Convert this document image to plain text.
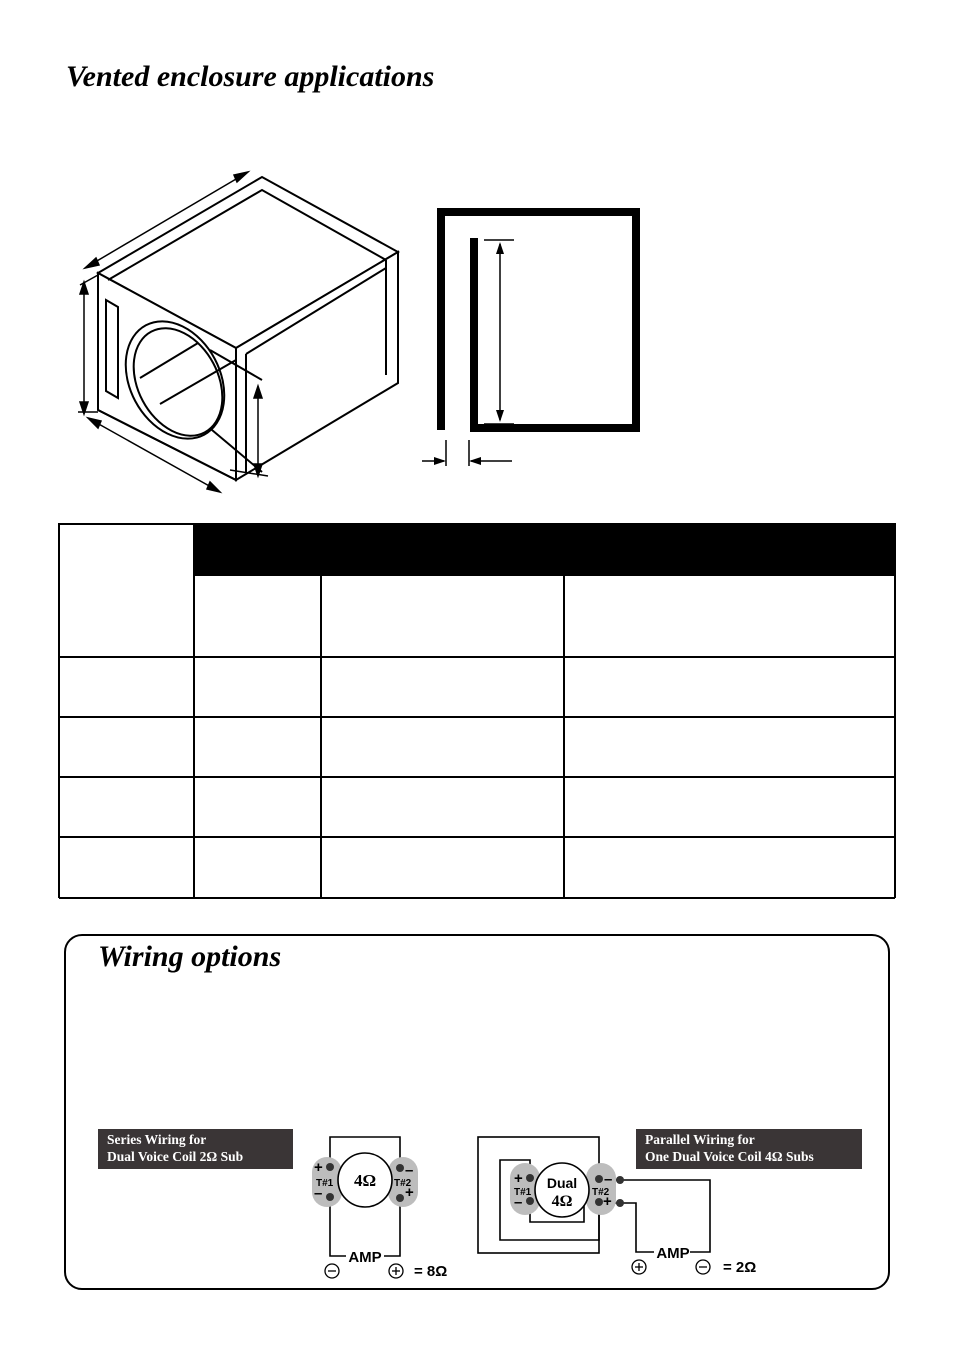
Vented enclosure applications
Wiring options
Series Wiring for
Dual Voice Coil 2Ω Sub
Parallel Wiring for
One Dual Voice Coil 4Ω Subs
+
–
–
+
T#1	T#2
4Ω
AMP
= 8Ω
+
–
–
+
T#1	T#2
Dual
4Ω
AMP
= 2Ω
